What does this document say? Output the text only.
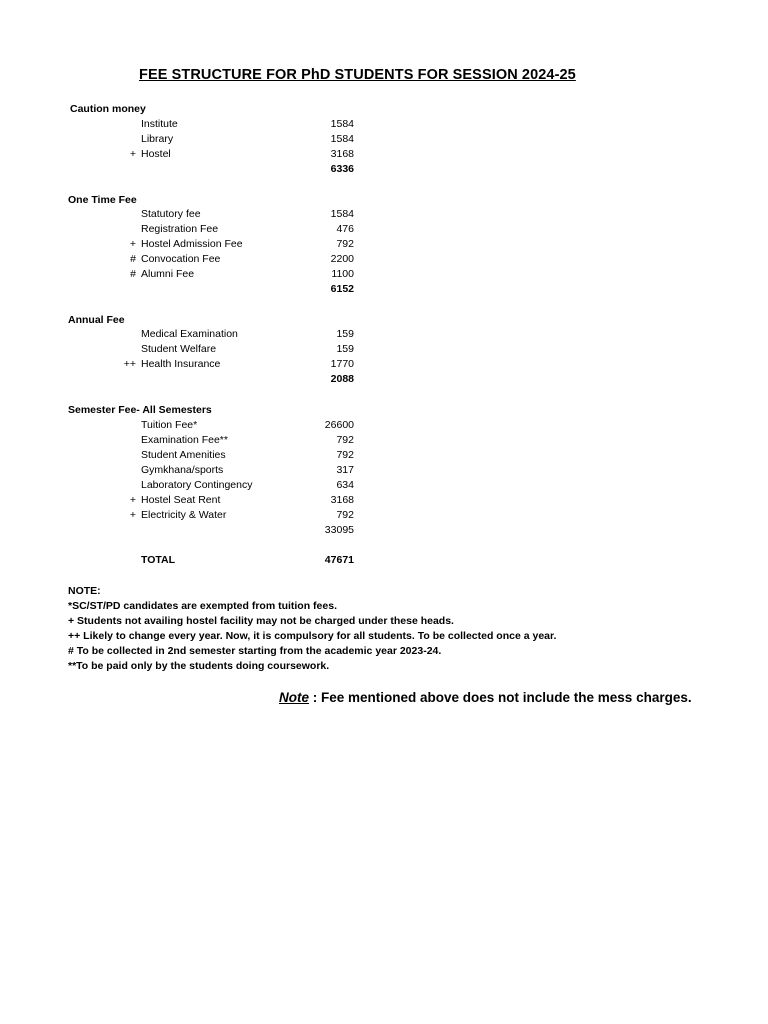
FEE STRUCTURE FOR PhD STUDENTS FOR SESSION 2024-25
Caution money
Institute	1584
Library	1584
+ Hostel	3168
6336
One Time Fee
Statutory fee	1584
Registration Fee	476
+ Hostel Admission Fee	792
# Convocation Fee	2200
# Alumni Fee	1100
6152
Annual Fee
Medical Examination	159
Student Welfare	159
++ Health Insurance	1770
2088
Semester Fee- All Semesters
Tuition Fee*	26600
Examination Fee**	792
Student Amenities	792
Gymkhana/sports	317
Laboratory Contingency	634
+ Hostel Seat Rent	3168
+ Electricity & Water	792
33095
TOTAL	47671
NOTE:
*SC/ST/PD candidates are exempted from tuition fees.
+ Students not availing hostel facility may not be charged under these heads.
++ Likely to change every year. Now, it is compulsory for all students. To be collected once a year.
# To be collected in 2nd semester starting from the academic year 2023-24.
**To be paid only by the students doing coursework.
Note : Fee mentioned above does not include the mess charges.
